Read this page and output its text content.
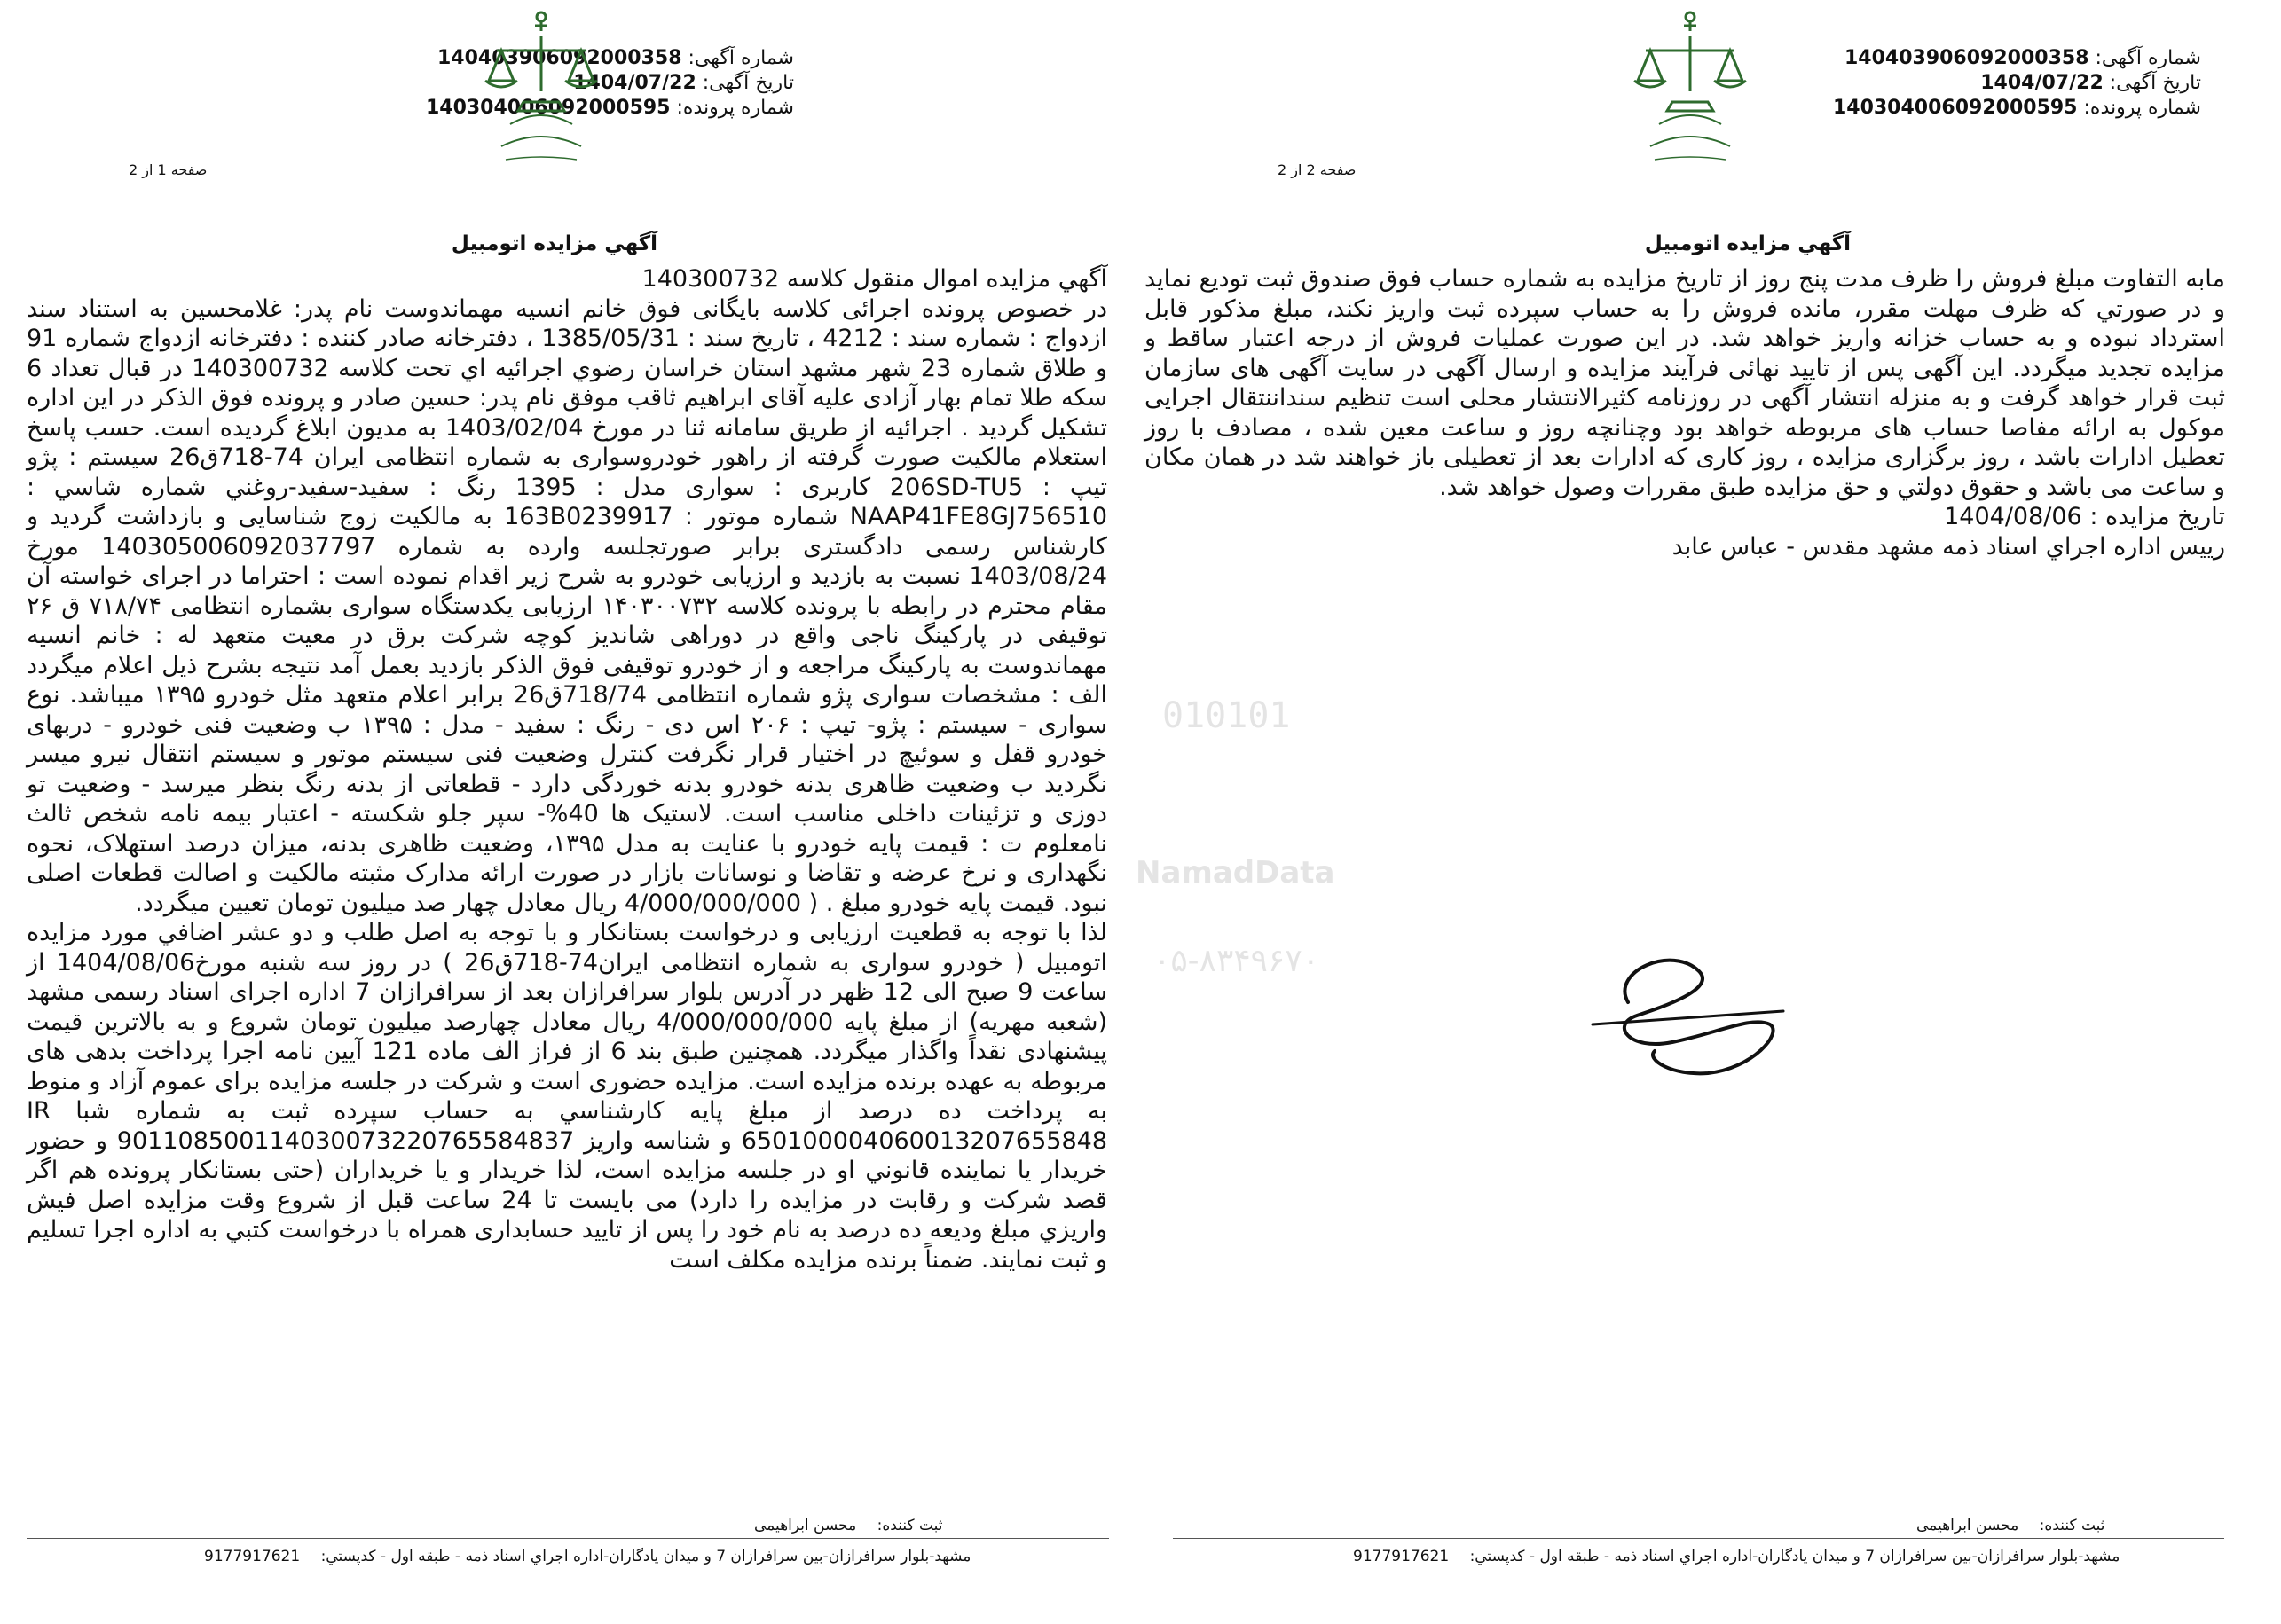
شماره آگهی: 140403906092000358
تاریخ آگهی: 1404/07/22
شماره پرونده: 140304006092000595
صفحه 1 از 2
آگهي مزايده اتومبيل

آگهي مزايده اموال منقول كلاسه 140300732

در خصوص پرونده اجرائی کلاسه بایگانی فوق خانم انسيه مهماندوست نام پدر: غلامحسين به استناد سند ازدواج : شماره سند : 4212 ، تاريخ سند : 1385/05/31 ، دفترخانه صادر كننده : دفترخانه ازدواج شماره 91 و طلاق شماره 23 شهر مشهد استان خراسان رضوي اجرائيه اي تحت كلاسه 140300732 در قبال تعداد 6 سكه طلا تمام بهار آزادی علیه آقای ابراهيم ثاقب موفق نام پدر: حسين صادر و پرونده فوق الذکر در این اداره تشکیل گردید . اجرائيه از طريق سامانه ثنا در مورخ 1403/02/04 به مديون ابلاغ گرديده است. حسب پاسخ استعلام مالکیت صورت گرفته از راهور خودروسواری به شماره انتظامی ایران 74-718ق26 سیستم : پژو تیپ : 206SD-TU5 کاربری : سواری مدل : 1395 رنگ : سفید-سفید-روغني شماره شاسي : NAAP41FE8GJ756510 شماره موتور : 163B0239917 به مالكيت زوج شناسایی و بازداشت گردید و کارشناس رسمی دادگستری برابر صورتجلسه وارده به شماره 140305006092037797 مورخ 1403/08/24 نسبت به بازدید و ارزیابی خودرو به شرح زیر اقدام نموده است : احتراما در اجرای خواسته آن مقام محترم در رابطه با پرونده کلاسه ۱۴۰۳۰۰۷۳۲ ارزیابی یکدستگاه سواری بشماره انتظامی ۷۱۸/۷۴ ق ۲۶ توقیفی در پارکینگ ناجی واقع در دوراهی شاندیز کوچه شرکت برق در معیت متعهد له : خانم انسیه مهماندوست به پارکینگ مراجعه و از خودرو توقیفی فوق الذکر بازدید بعمل آمد نتیجه بشرح ذیل اعلام میگردد الف : مشخصات سواری پژو شماره انتظامی 718/74ق26 برابر اعلام متعهد مثل خودرو ۱۳۹۵ میباشد. نوع سواری - سیستم : پژو- تیپ : ۲۰۶ اس دی - رنگ : سفید - مدل : ۱۳۹۵ ب وضعیت فنی خودرو - دربهای خودرو قفل و سوئیچ در اختیار قرار نگرفت کنترل وضعیت فنی سیستم موتور و سیستم انتقال نیرو میسر نگردید ب وضعیت ظاهری بدنه خودرو بدنه خوردگی دارد - قطعاتی از بدنه رنگ بنظر میرسد - وضعیت تو دوزی و تزئینات داخلی مناسب است. لاستیک ها 40%- سپر جلو شکسته - اعتبار بیمه نامه شخص ثالث نامعلوم ت : قیمت پایه خودرو با عنایت به مدل ۱۳۹۵، وضعیت ظاهری بدنه، میزان درصد استهلاک، نحوه نگهداری و نرخ عرضه و تقاضا و نوسانات بازار در صورت ارائه مدارک مثبته مالکیت و اصالت قطعات اصلی نبود. قیمت پایه خودرو مبلغ . ( 4/000/000/000 ریال معادل چهار صد میلیون تومان تعیین میگردد.

لذا با توجه به قطعیت ارزیابی و درخواست بستانکار و با توجه به اصل طلب و دو عشر اضافي مورد مزايده اتومبيل ( خودرو سواری به شماره انتظامی ایران74-718ق26 ) در روز سه شنبه مورخ1404/08/06 از ساعت 9 صبح الی 12 ظهر در آدرس بلوار سرافرازان بعد از سرافرازان 7 اداره اجرای اسناد رسمی مشهد (شعبه مهریه) از مبلغ پایه 4/000/000/000 ريال معادل چهارصد میلیون تومان شروع و به بالاترین قیمت پیشنهادی نقداً واگذار میگردد. همچنین طبق بند 6 از فراز الف ماده 121 آیین نامه اجرا پرداخت بدهی های مربوطه به عهده برنده مزایده است. مزايده حضوری است و شرکت در جلسه مزایده برای عموم آزاد و منوط به پرداخت ده درصد از مبلغ پايه كارشناسي به حساب سپرده ثبت به شماره شبا IR 650100004060013207655848 و شناسه واريز 901108500114030073220765584837 و حضور خریدار یا نماينده قانوني او در جلسه مزايده است، لذا خریدار و یا خریداران (حتی بستانکار پرونده هم اگر قصد شرکت و رقابت در مزایده را دارد) می بایست تا 24 ساعت قبل از شروع وقت مزایده اصل فیش واریزي مبلغ ودیعه ده درصد به نام خود را پس از تایید حسابداری همراه با درخواست کتبي به اداره اجرا تسلیم و ثبت نمایند. ضمناً برنده مزایده مکلف است

ثبت کننده: محسن ابراهیمی
مشهد-بلوار سرافرازان-بین سرافرازان 7 و میدان یادگاران-اداره اجراي اسناد ذمه - طبقه اول - کدپستي: 9177917621
شماره آگهی: 140403906092000358
تاریخ آگهی: 1404/07/22
شماره پرونده: 140304006092000595
صفحه 2 از 2
آگهي مزايده اتومبيل

مابه التفاوت مبلغ فروش را ظرف مدت پنج روز از تاریخ مزایده به شماره حساب فوق صندوق ثبت توديع نماید و در صورتي كه ظرف مهلت مقرر، مانده فروش را به حساب سپرده ثبت واريز نکند، مبلغ مذکور قابل استرداد نبوده و به حساب خزانه واريز خواهد شد. در اين صورت عمليات فروش از درجه اعتبار ساقط و مزايده تجديد ميگردد. این آگهی پس از تایید نهائی فرآیند مزایده و ارسال آگهی در سایت آگهی های سازمان ثبت قرار خواهد گرفت و به منزله انتشار آگهی در روزنامه کثیرالانتشار محلی است تنظیم سنداننتقال اجرایی موکول به ارائه مفاصا حساب های مربوطه خواهد بود وچنانچه روز و ساعت معین شده ، مصادف با روز تعطیل ادارات باشد ، روز برگزاری مزايده ، روز كاری كه ادارات بعد از تعطیلی باز خواهند شد در همان مکان و ساعت می باشد و حقوق دولتي و حق مزايده طبق مقررات وصول خواهد شد.

تاريخ مزايده : 1404/08/06

رييس اداره اجراي اسناد ذمه مشهد مقدس - عباس عابد

ثبت کننده: محسن ابراهیمی
مشهد-بلوار سرافرازان-بین سرافرازان 7 و میدان یادگاران-اداره اجراي اسناد ذمه - طبقه اول - کدپستي: 9177917621
010101
NamadData
۰۵-۸۳۴۹۶۷۰
